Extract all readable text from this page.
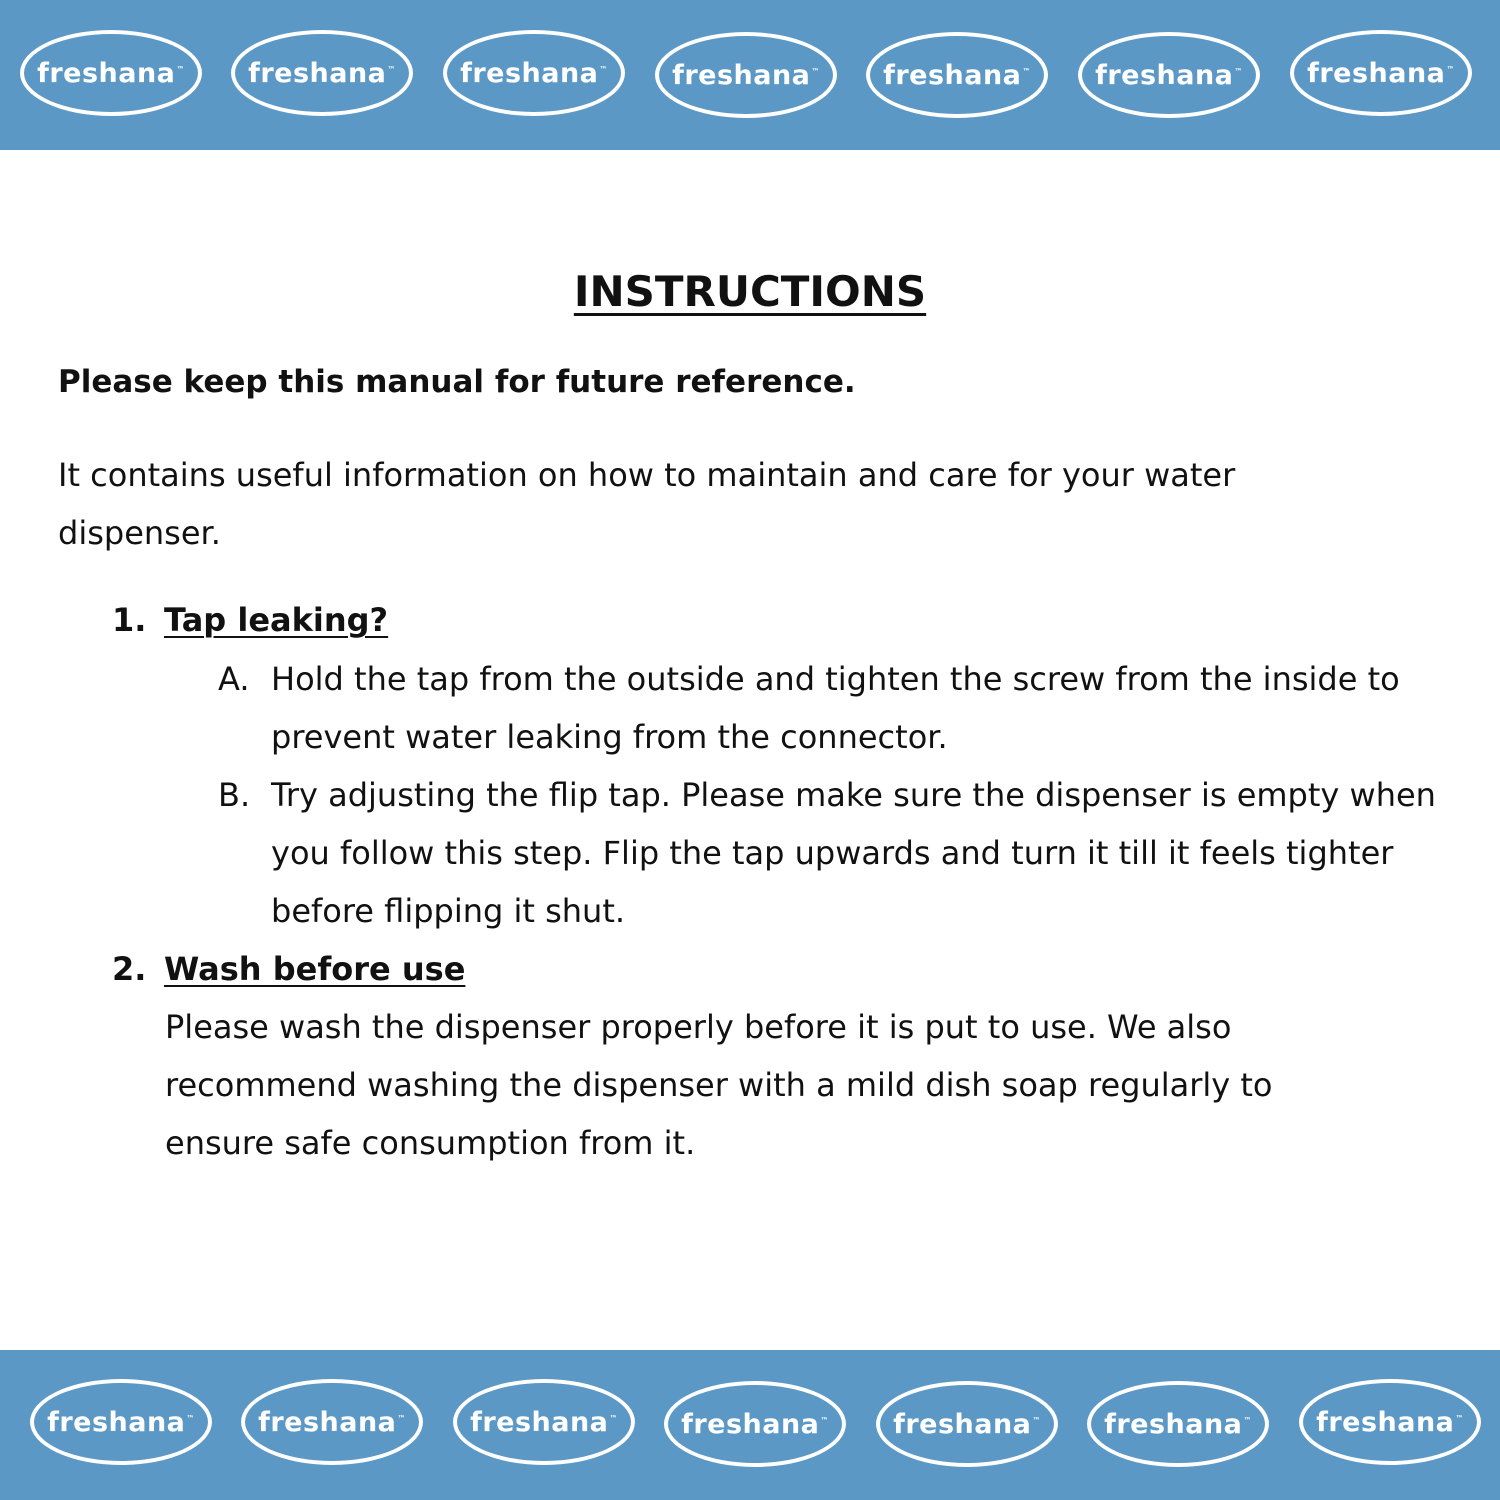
freshana™ freshana™ freshana™ freshana™ freshana™ freshana™ freshana™
INSTRUCTIONS
Please keep this manual for future reference.
It contains useful information on how to maintain and care for your water dispenser.
1. Tap leaking?
A. Hold the tap from the outside and tighten the screw from the inside to prevent water leaking from the connector.
B. Try adjusting the flip tap. Please make sure the dispenser is empty when you follow this step. Flip the tap upwards and turn it till it feels tighter before flipping it shut.
2. Wash before use
Please wash the dispenser properly before it is put to use. We also recommend washing the dispenser with a mild dish soap regularly to ensure safe consumption from it.
freshana™ freshana™ freshana™ freshana™ freshana™ freshana™ freshana™
